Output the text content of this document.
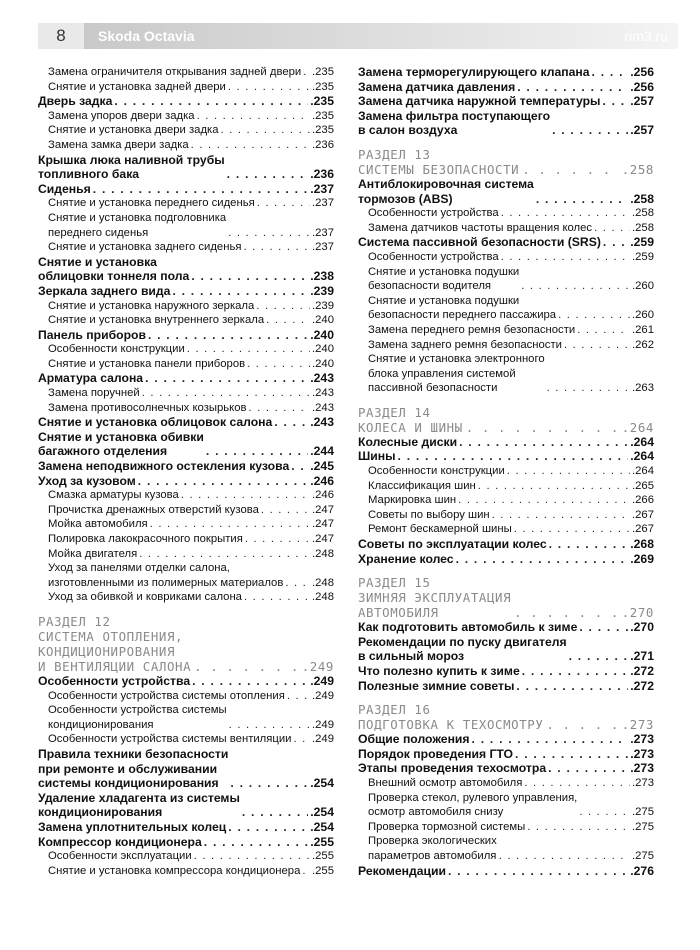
8	Skoda Octavia	rim3.ru
Замена ограничителя открывания задней двери . . . .235
Снятие и установка задней двери . . .	.235
Дверь задка . . .	.235
Замена упоров двери задка . . .	.235
Снятие и установка двери задка . . .	.235
Замена замка двери задка . . .	.236
Крышка люка наливной трубы
топливного бака . . .	.236
Сиденья . . .	.237
Снятие и установка переднего сиденья . . .	.237
Снятие и установка подголовника
переднего сиденья . . .	.237
Снятие и установка заднего сиденья . . .	.237
Снятие и установка
облицовки тоннеля пола . . .	.238
Зеркала заднего вида . . .	.239
Снятие и установка наружного зеркала . . .	.239
Снятие и установка внутреннего зеркала . . .	.240
Панель приборов . . .	.240
Особенности конструкции . . .	.240
Снятие и установка панели приборов . . .	.240
Арматура салона . . .	.243
Замена поручней . . .	.243
Замена противосолнечных козырьков . . .	.243
Снятие и установка облицовок салона . . .	.243
Снятие и установка обивки
багажного отделения . . .	.244
Замена неподвижного остекления кузова . . . .245
Уход за кузовом . . .	.246
Смазка арматуры кузова . . .	.246
Прочистка дренажных отверстий кузова . . .	.247
Мойка автомобиля . . .	.247
Полировка лакокрасочного покрытия . . .	.247
Мойка двигателя . . .	.248
Уход за панелями отделки салона,
изготовленными из полимерных материалов . . .	.248
Уход за обивкой и ковриками салона . . .	.248
РАЗДЕЛ 12
СИСТЕМА ОТОПЛЕНИЯ,
КОНДИЦИОНИРОВАНИЯ
И ВЕНТИЛЯЦИИ САЛОНА . . .	.249
Особенности устройства . . .	.249
Особенности устройства системы отопления . . . .249
Особенности устройства системы
кондиционирования . . .	.249
Особенности устройства системы вентиляции . . . .249
Правила техники безопасности
при ремонте и обслуживании
системы кондиционирования . . .	.254
Удаление хладагента из системы
кондиционирования . . .	.254
Замена уплотнительных колец . . .	.254
Компрессор кондиционера . . .	.255
Особенности эксплуатации . . .	.255
Снятие и установка компрессора кондиционера . . . .255
Замена терморегулирующего клапана . . .	.256
Замена датчика давления . . .	.256
Замена датчика наружной температуры . . . .257
Замена фильтра поступающего
в салон воздуха . . .	.257
РАЗДЕЛ 13
СИСТЕМЫ БЕЗОПАСНОСТИ . . .	.258
Антиблокировочная система
тормозов (ABS) . . .	.258
Особенности устройства . . .	.258
Замена датчиков частоты вращения колес . . .	.258
Система пассивной безопасности (SRS) . . . .259
Особенности устройства . . .	.259
Снятие и установка подушки
безопасности водителя . . .	.260
Снятие и установка подушки
безопасности переднего пассажира . . .	.260
Замена переднего ремня безопасности . . .	.261
Замена заднего ремня безопасности . . .	.262
Снятие и установка электронного
блока управления системой
пассивной безопасности . . .	.263
РАЗДЕЛ 14
КОЛЕСА И ШИНЫ . . .	.264
Колесные диски . . .	.264
Шины . . .	.264
Особенности конструкции . . .	.264
Классификация шин . . .	.265
Маркировка шин . . .	.266
Советы по выбору шин . . .	.267
Ремонт бескамерной шины . . .	.267
Советы по эксплуатации колес . . .	.268
Хранение колес . . .	.269
РАЗДЕЛ 15
ЗИМНЯЯ ЭКСПЛУАТАЦИЯ
АВТОМОБИЛЯ . . .	.270
Как подготовить автомобиль к зиме . . .	.270
Рекомендации по пуску двигателя
в сильный мороз . . .	.271
Что полезно купить к зиме . . .	.272
Полезные зимние советы . . .	.272
РАЗДЕЛ 16
ПОДГОТОВКА К ТЕХОСМОТРУ . . .	.273
Общие положения . . .	.273
Порядок проведения ГТО . . .	.273
Этапы проведения техосмотра . . .	.273
Внешний осмотр автомобиля . . .	.273
Проверка стекол, рулевого управления,
осмотр автомобиля снизу . . .	.275
Проверка тормозной системы . . .	.275
Проверка экологических
параметров автомобиля . . .	.275
Рекомендации . . .	.276
